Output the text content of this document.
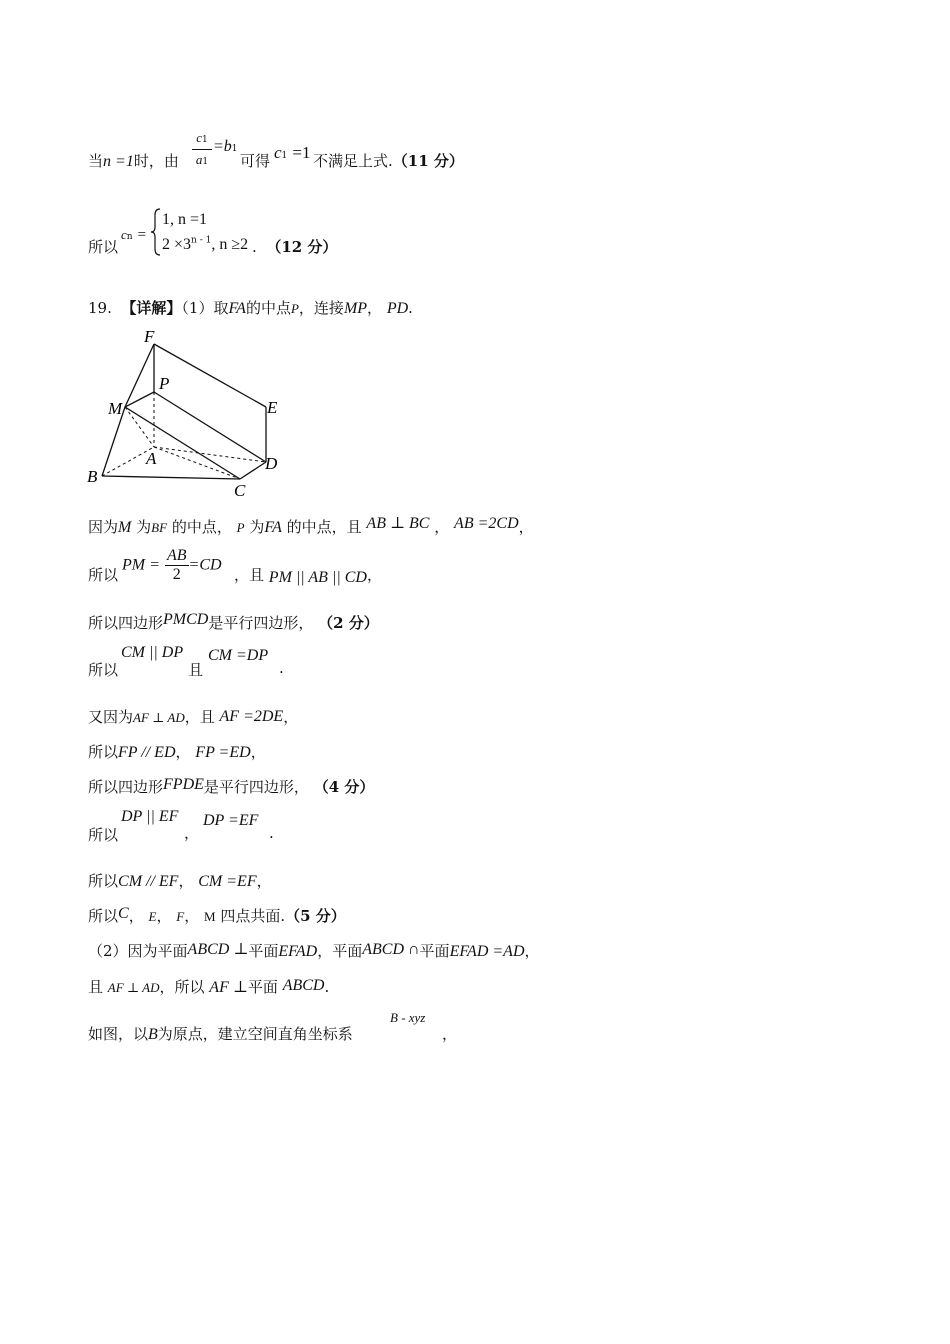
当n =1时，由
c1
a1
=b1
可得 c1 =1 不满足上式.（11 分）
所以
cn =
1, n =1
$2 \times 3^{n - 1}$, n ≥2 . （12 分）
19. 【详解】（1）取FA的中点P，连接MP， PD.
F
P
E
M
A	D
B
C
因为M 为BF 的中点， P 为FA 的中点，且 AB ⊥ BC ， AB =2CD，
所以
PM = $\frac{AB}{2} =CD$
，且 PM || AB || CD，
所以四边形PMCD是平行四边形， （2 分）
所以
CM || DP
且
CM =DP
.
又因为AF ⊥ AD，且 AF =2DE，
所以FP // ED， FP =ED，
所以四边形FPDE是平行四边形， （4 分）
所以
DP || EF
，
DP =EF
.
所以CM // EF， CM =EF，
所以C， E， F， M 四点共面.（5 分）
（2）因为平面ABCD ⊥平面EFAD，平面ABCD ∩平面EFAD =AD，
且 AF ⊥ AD，所以 AF ⊥平面 ABCD.
如图，以B为原点，建立空间直角坐标系
B - xyz
，
